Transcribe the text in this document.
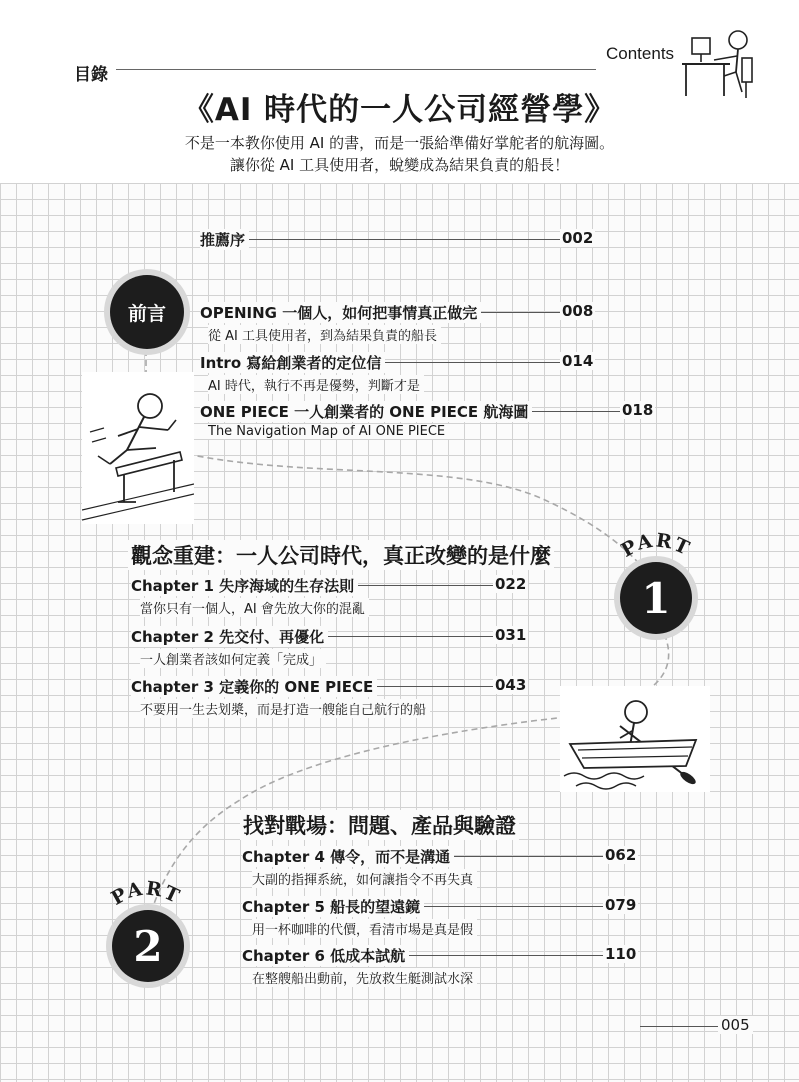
目錄
Contents
《AI 時代的一人公司經營學》
不是一本教你使用 AI 的書，而是一張給準備好掌舵者的航海圖。
讓你從 AI 工具使用者，蛻變成為結果負責的船長！
前言
推薦序	002
OPENING 一個人，如何把事情真正做完	008
從 AI 工具使用者，到為結果負責的船長
Intro 寫給創業者的定位信	014
AI 時代，執行不再是優勢，判斷才是
ONE PIECE 一人創業者的 ONE PIECE 航海圖	018
The Navigation Map of AI ONE PIECE
觀念重建：一人公司時代，真正改變的是什麼	PART
1
Chapter 1 失序海域的生存法則	022
當你只有一個人，AI 會先放大你的混亂
Chapter 2 先交付、再優化	031
一人創業者該如何定義「完成」
Chapter 3 定義你的 ONE PIECE	043
不要用一生去划槳，而是打造一艘能自己航行的船
找對戰場：問題、產品與驗證
PART
2
Chapter 4 傳令，而不是溝通	062
大副的指揮系統，如何讓指令不再失真
Chapter 5 船長的望遠鏡	079
用一杯咖啡的代價，看清市場是真是假
Chapter 6 低成本試航	110
在整艘船出動前，先放救生艇測試水深
005
